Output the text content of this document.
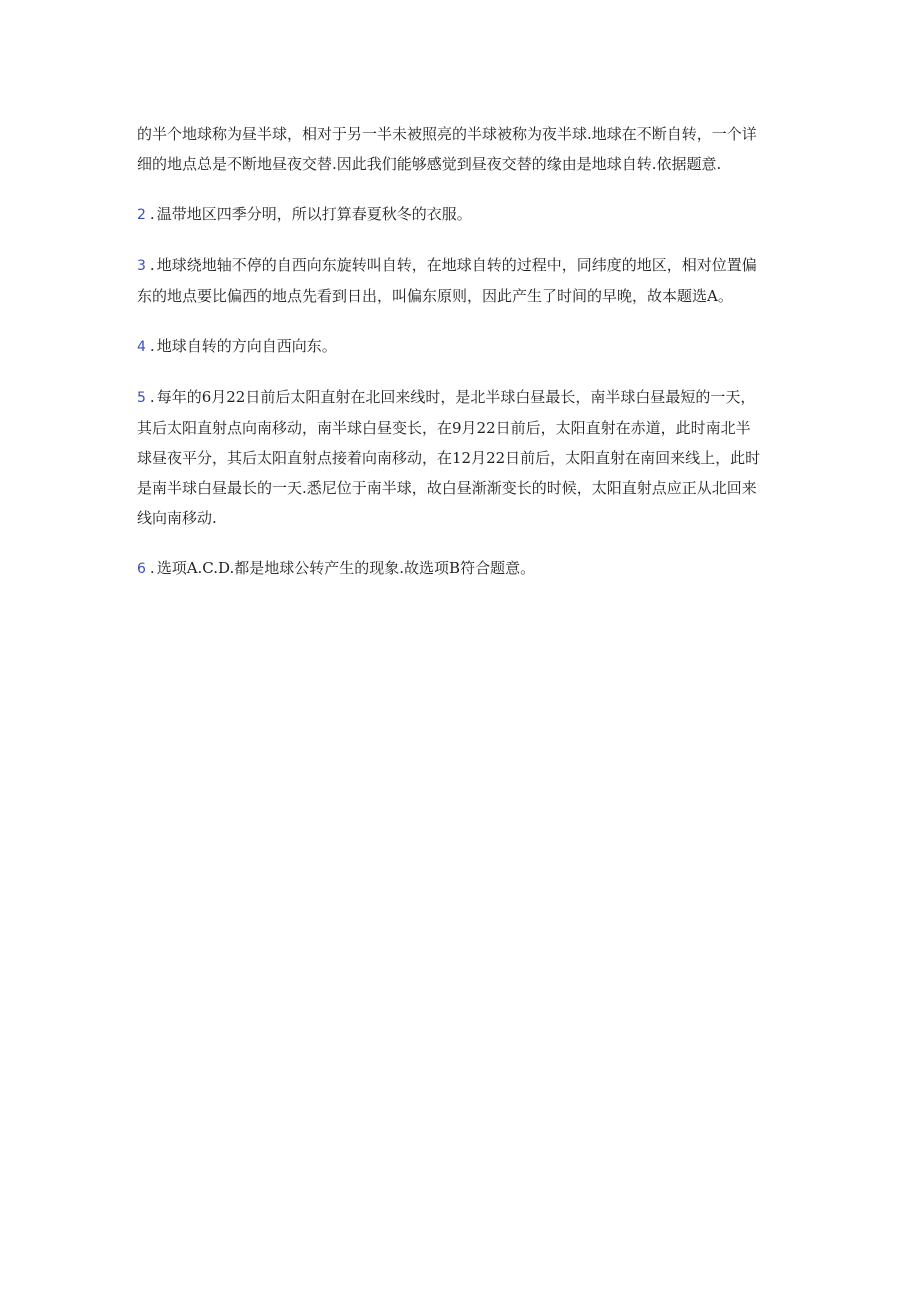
的半个地球称为昼半球，相对于另一半未被照亮的半球被称为夜半球.地球在不断自转，一个详
细的地点总是不断地昼夜交替.因此我们能够感觉到昼夜交替的缘由是地球自转.依据题意.

2 . 温带地区四季分明，所以打算春夏秋冬的衣服。

3 . 地球绕地轴不停的自西向东旋转叫自转，在地球自转的过程中，同纬度的地区，相对位置偏
东的地点要比偏西的地点先看到日出，叫偏东原则，因此产生了时间的早晚，故本题选A。

4 . 地球自转的方向自西向东。

5 . 每年的6月22日前后太阳直射在北回来线时，是北半球白昼最长，南半球白昼最短的一天，
其后太阳直射点向南移动，南半球白昼变长，在9月22日前后，太阳直射在赤道，此时南北半
球昼夜平分，其后太阳直射点接着向南移动，在12月22日前后，太阳直射在南回来线上，此时
是南半球白昼最长的一天.悉尼位于南半球，故白昼渐渐变长的时候，太阳直射点应正从北回来
线向南移动.

6 . 选项A.C.D.都是地球公转产生的现象.故选项B符合题意。
